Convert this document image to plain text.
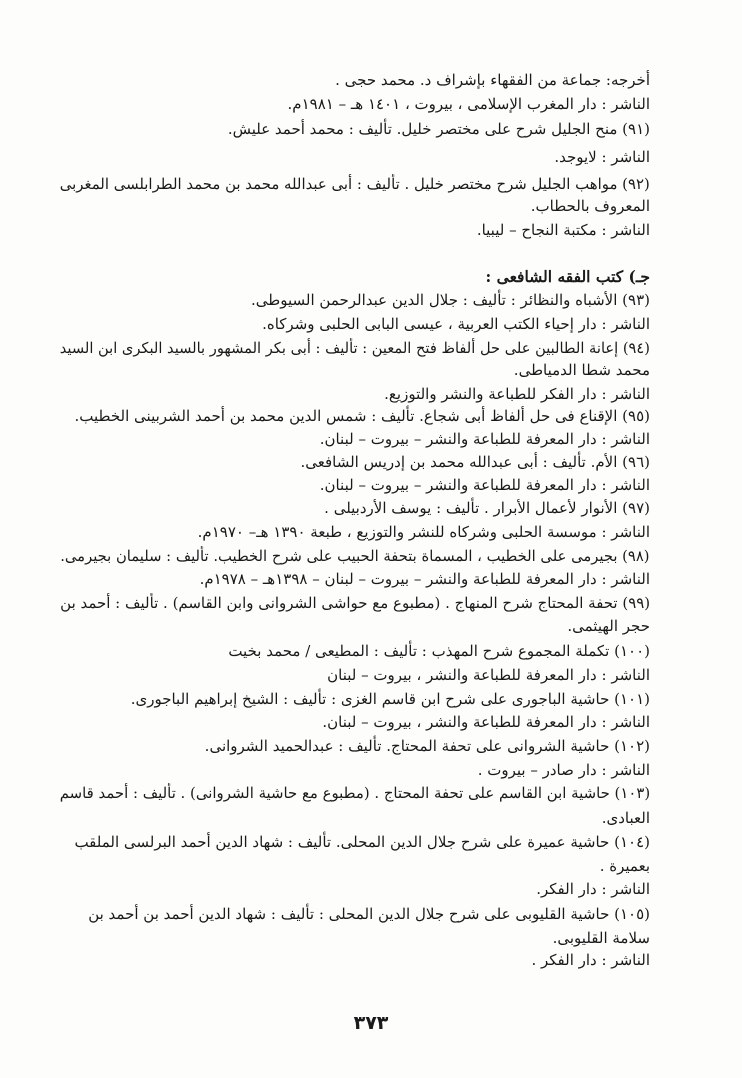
أخرجه: جماعة من الفقهاء بإشراف د. محمد حجى .
الناشر : دار المغرب الإسلامى ، بيروت ، ١٤٠١ هـ – ١٩٨١م.
(٩١) منح الجليل شرح على مختصر خليل. تأليف : محمد أحمد عليش.
الناشر : لايوجد.
(٩٢) مواهب الجليل شرح مختصر خليل . تأليف : أبى عبدالله محمد بن محمد الطرابلسى المغربى
المعروف بالحطاب.
الناشر : مكتبة النجاح – ليبيا.
جـ) كتب الفقه الشافعى :
(٩٣) الأشباه والنظائر : تأليف : جلال الدين عبدالرحمن السيوطى.
الناشر : دار إحياء الكتب العربية ، عيسى البابى الحلبى وشركاه.
(٩٤) إعانة الطالبين على حل ألفاظ فتح المعين : تأليف : أبى بكر المشهور بالسيد البكرى ابن السيد
محمد شطا الدمياطى.
الناشر : دار الفكر للطباعة والنشر والتوزيع.
(٩٥) الإقناع فى حل ألفاظ أبى شجاع. تأليف : شمس الدين محمد بن أحمد الشربينى الخطيب.
الناشر : دار المعرفة للطباعة والنشر – بيروت – لبنان.
(٩٦) الأم. تأليف : أبى عبدالله محمد بن إدريس الشافعى.
الناشر : دار المعرفة للطباعة والنشر – بيروت – لبنان.
(٩٧) الأنوار لأعمال الأبرار . تأليف : يوسف الأردبيلى .
الناشر : موسسة الحلبى وشركاه للنشر والتوزيع ، طبعة ١٣٩٠ هـ– ١٩٧٠م.
(٩٨) بجيرمى على الخطيب ، المسماة بتحفة الحبيب على شرح الخطيب. تأليف : سليمان بجيرمى.
الناشر : دار المعرفة للطباعة والنشر – بيروت – لبنان – ١٣٩٨هـ – ١٩٧٨م.
(٩٩) تحفة المحتاج شرح المنهاج . (مطبوع مع حواشى الشروانى وابن القاسم) . تأليف : أحمد بن
حجر الهيثمى.
(١٠٠) تكملة المجموع شرح المهذب : تأليف : المطيعى / محمد بخيت
الناشر : دار المعرفة للطباعة والنشر ، بيروت – لبنان
(١٠١) حاشية الباجورى على شرح ابن قاسم الغزى : تأليف : الشيخ إبراهيم الباجورى.
الناشر : دار المعرفة للطباعة والنشر ، بيروت – لبنان.
(١٠٢) حاشية الشروانى على تحفة المحتاج. تأليف : عبدالحميد الشروانى.
الناشر : دار صادر – بيروت .
(١٠٣) حاشية ابن القاسم على تحفة المحتاج . (مطبوع مع حاشية الشروانى) . تأليف : أحمد قاسم
العبادى.
(١٠٤) حاشية عميرة على شرح جلال الدين المحلى. تأليف : شهاد الدين أحمد البرلسى الملقب
بعميرة .
الناشر : دار الفكر.
(١٠٥) حاشية القليوبى على شرح جلال الدين المحلى : تأليف : شهاد الدين أحمد بن أحمد بن
سلامة القليوبى.
الناشر : دار الفكر .
٣٧٣
